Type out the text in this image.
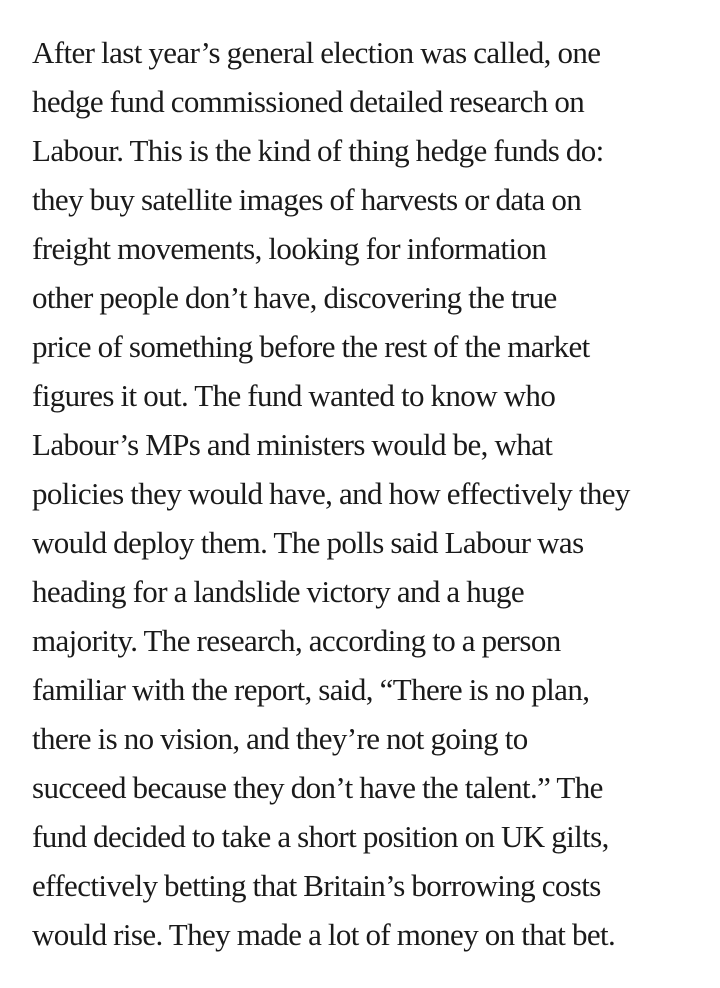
After last year’s general election was called, one
hedge fund commissioned detailed research on
Labour. This is the kind of thing hedge funds do:
they buy satellite images of harvests or data on
freight movements, looking for information
other people don’t have, discovering the true
price of something before the rest of the market
figures it out. The fund wanted to know who
Labour’s MPs and ministers would be, what
policies they would have, and how effectively they
would deploy them. The polls said Labour was
heading for a landslide victory and a huge
majority. The research, according to a person
familiar with the report, said, “There is no plan,
there is no vision, and they’re not going to
succeed because they don’t have the talent.” The
fund decided to take a short position on UK gilts,
effectively betting that Britain’s borrowing costs
would rise. They made a lot of money on that bet.
